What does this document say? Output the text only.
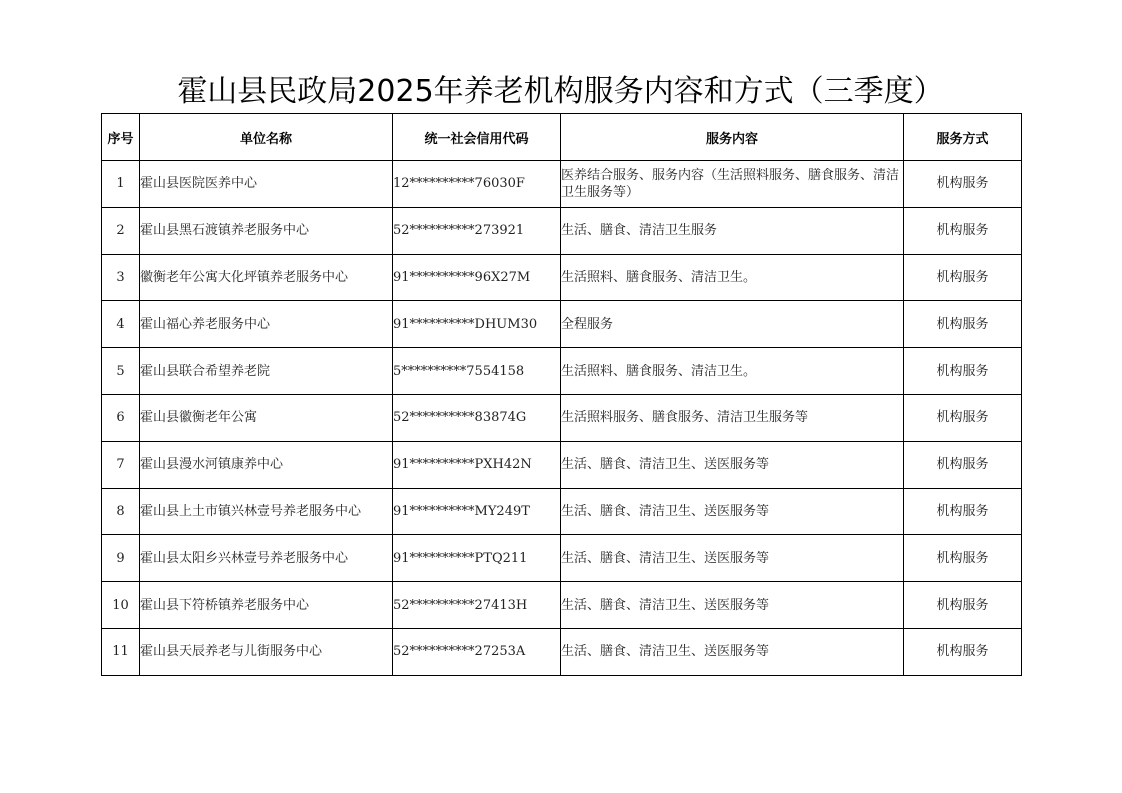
霍山县民政局2025年养老机构服务内容和方式（三季度）
序号	单位名称	统一社会信用代码	服务内容	服务方式
1	霍山县医院医养中心	12**********76030F	医养结合服务、服务内容（生活照料服务、膳食服务、清洁卫生服务等）	机构服务
2	霍山县黑石渡镇养老服务中心	52**********273921	生活、膳食、清洁卫生服务	机构服务
3	徽衡老年公寓大化坪镇养老服务中心	91**********96X27M	生活照料、膳食服务、清洁卫生。	机构服务
4	霍山福心养老服务中心	91**********DHUM30	全程服务	机构服务
5	霍山县联合希望养老院	5**********7554158	生活照料、膳食服务、清洁卫生。	机构服务
6	霍山县徽衡老年公寓	52**********83874G	生活照料服务、膳食服务、清洁卫生服务等	机构服务
7	霍山县漫水河镇康养中心	91**********PXH42N	生活、膳食、清洁卫生、送医服务等	机构服务
8	霍山县上土市镇兴林壹号养老服务中心	91**********MY249T	生活、膳食、清洁卫生、送医服务等	机构服务
9	霍山县太阳乡兴林壹号养老服务中心	91**********PTQ211	生活、膳食、清洁卫生、送医服务等	机构服务
10	霍山县下符桥镇养老服务中心	52**********27413H	生活、膳食、清洁卫生、送医服务等	机构服务
11	霍山县天辰养老与儿街服务中心	52**********27253A	生活、膳食、清洁卫生、送医服务等	机构服务
